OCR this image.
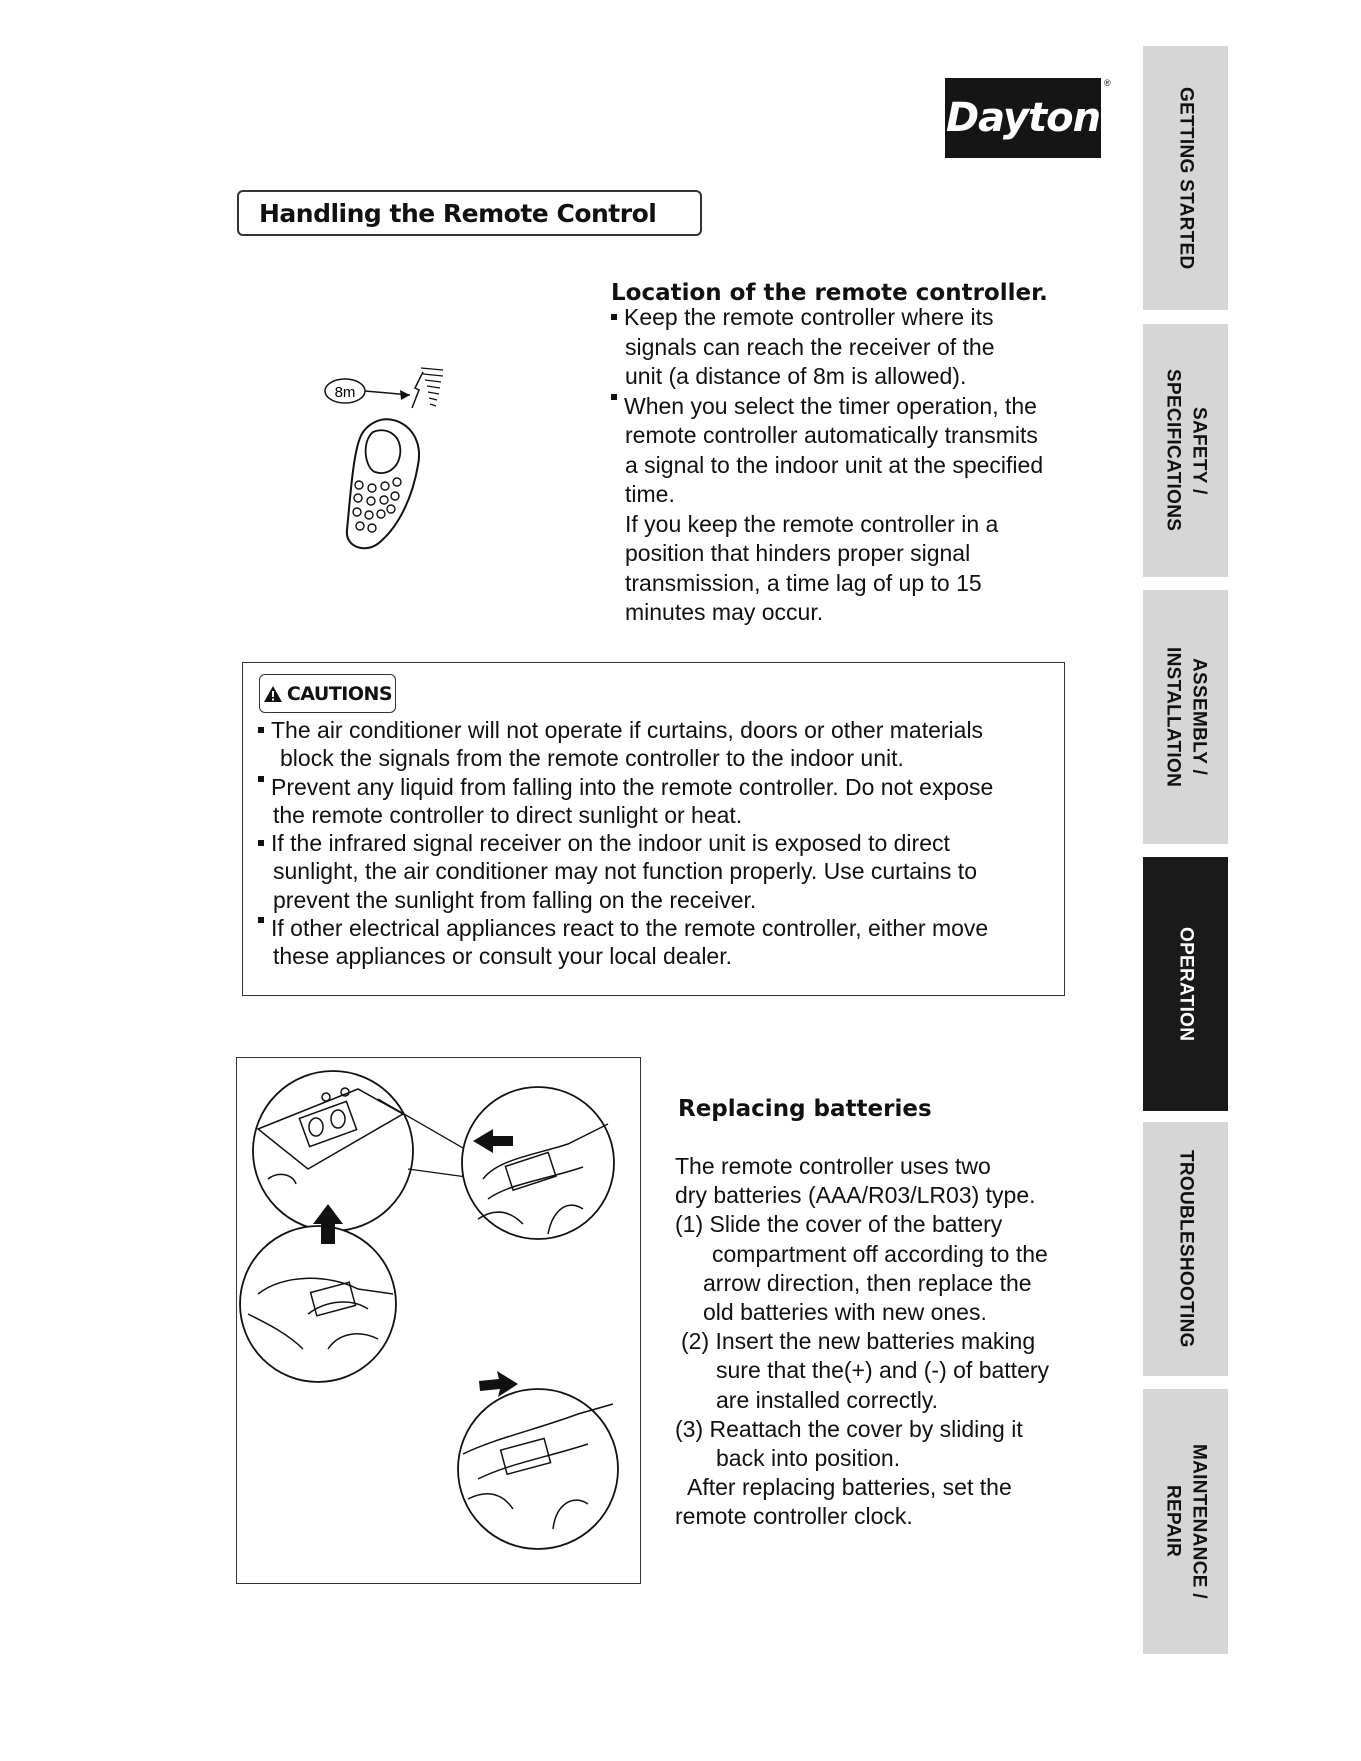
Dayton
®
Handling the Remote Control
8m
Location of the remote controller.
Keep the remote controller where its
signals can reach the receiver of the
unit (a distance of 8m is allowed).
When you select the timer operation, the
remote controller automatically transmits
a signal to the indoor unit at the specified
time.
If you keep the remote controller in a
position that hinders proper signal
transmission, a time lag of up to 15
minutes may occur.
CAUTIONS
The air conditioner will not operate if curtains, doors or other materials
block the signals from the remote controller to the indoor unit.
Prevent any liquid from falling into the remote controller. Do not expose
the remote controller to direct sunlight or heat.
If the infrared signal receiver on the indoor unit is exposed to direct
sunlight, the air conditioner may not function properly. Use curtains to
prevent the sunlight from falling on the receiver.
If other electrical appliances react to the remote controller, either move
these appliances or consult your local dealer.
Replacing batteries
The remote controller uses two
dry batteries (AAA/R03/LR03) type.
(1) Slide the cover of the battery
compartment off according to the
arrow direction, then replace the
old batteries with new ones.
(2) Insert the new batteries making
sure that the(+) and (-) of battery
are installed correctly.
(3) Reattach the cover by sliding it
back into position.
After replacing batteries, set the
remote controller clock.
GETTING STARTED
SAFETY /
SPECIFICATIONS
ASSEMBLY /
INSTALLATION
OPERATION
TROUBLESHOOTING
MAINTENANCE /
REPAIR
